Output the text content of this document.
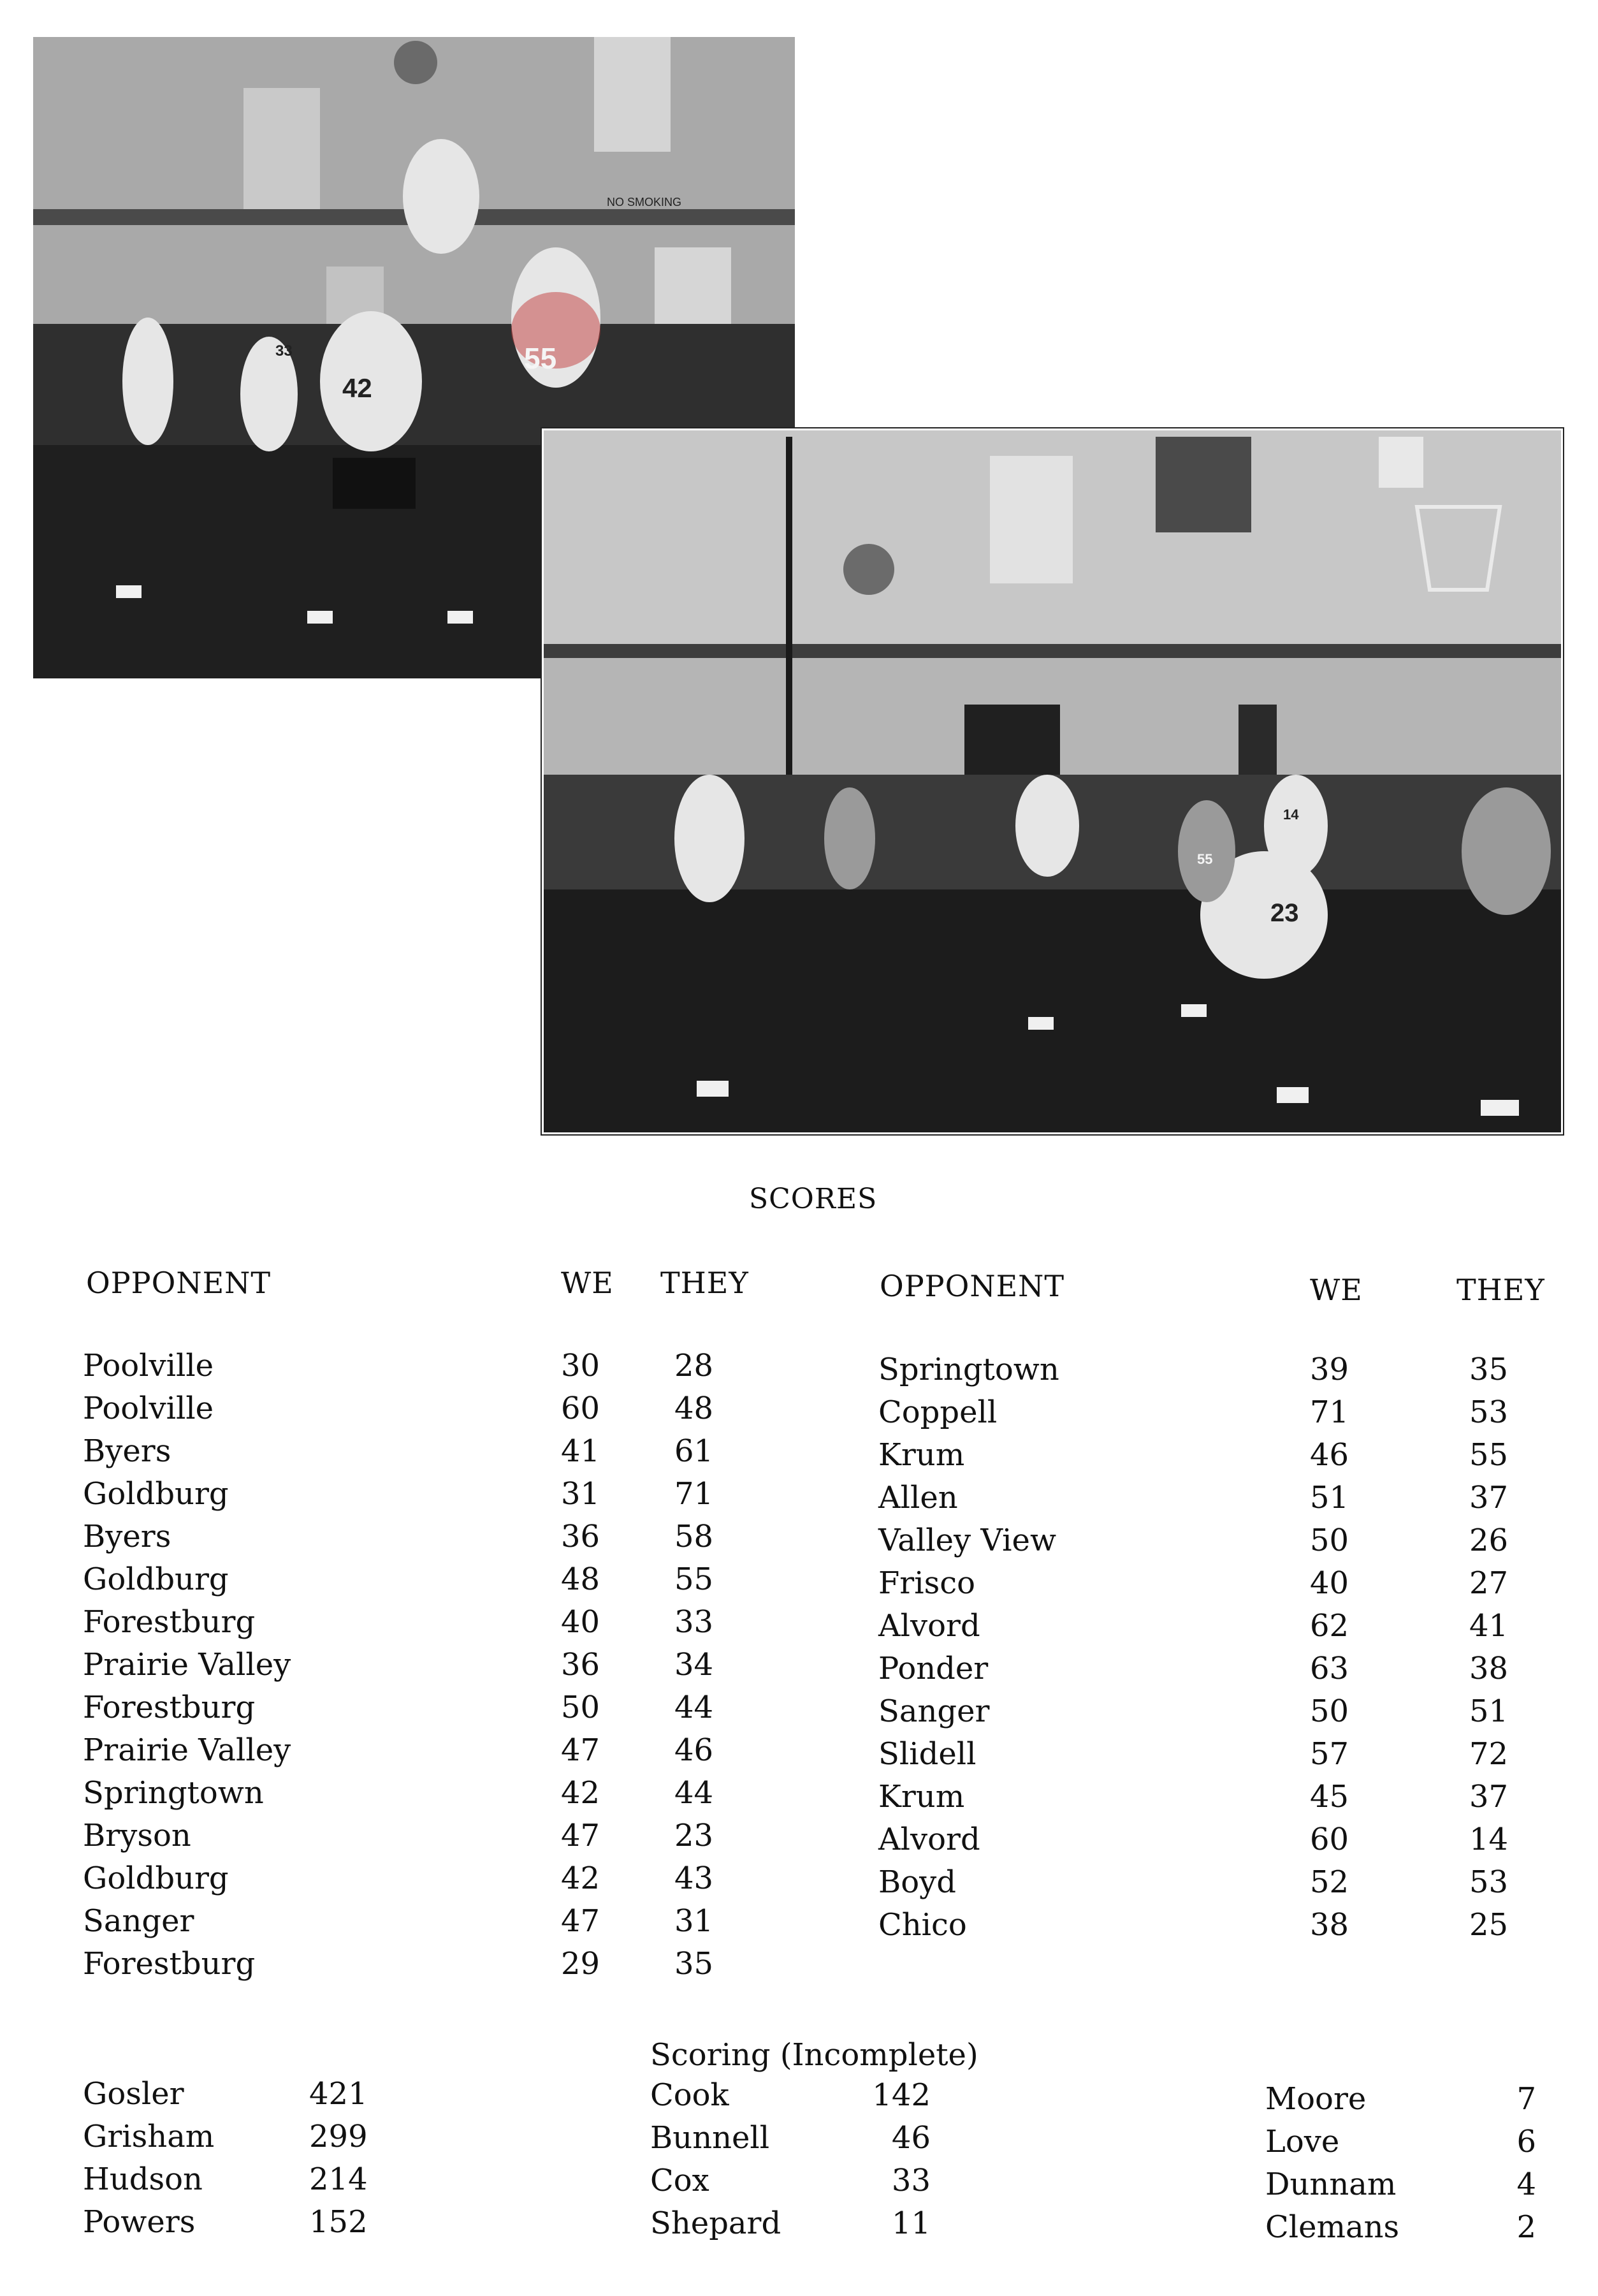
NO SMOKING
33
42
55
14
55
23
SCORES
OPPONENT	WE THEY
Poolville	30 28
Poolville	60 48
Byers	41 61
Goldburg	31 71
Byers	36 58
Goldburg	48 55
Forestburg	40 33
Prairie Valley	36 34
Forestburg	50 44
Prairie Valley	47 46
Springtown	42 44
Bryson	47 23
Goldburg	42 43
Sanger	47 31
Forestburg	29 35
OPPONENT	WE	THEY
Springtown	39	35
Coppell	71	53
Krum	46	55
Allen	51	37
Valley View	50	26
Frisco	40	27
Alvord	62	41
Ponder	63	38
Sanger	50	51
Slidell	57	72
Krum	45	37
Alvord	60	14
Boyd	52	53
Chico	38	25
Scoring (Incomplete)
Gosler	421
Grisham	299
Hudson	214
Powers	152
Cook	142
Bunnell	46
Cox	33
Shepard	11
Moore	7
Love	6
Dunnam	4
Clemans	2
